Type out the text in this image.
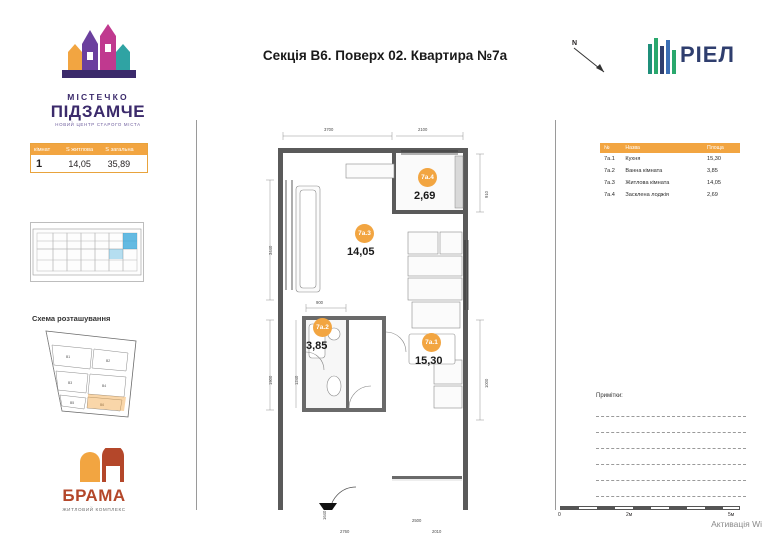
МІСТЕЧКО
ПІДЗАМЧЕ
НОВИЙ ЦЕНТР СТАРОГО МІСТА
Секція В6. Поверх 02. Квартира №7а
N	РІЕЛ
кімнат	S житлова	S загальна
1	14,05	35,89
Схема розташування
В1
В2
В3
В4
В5	В6
БРАМА
ЖИТЛОВИЙ КОМПЛЕКС
3700	2100
3440
1900
910
1000
900
1240
1640
2760
2500
2010
7а.4
2,69
7а.3
14,05
7а.2
3,85	7а.1
15,30
№	Назва	Площа
7а.1	Кухня	15,30
7а.2	Ванна кімната	3,85
7а.3	Житлова кімната	14,05
7а.4	Засклена лоджія	2,69
Примітки:
0	2м	5м
Активація Wi
